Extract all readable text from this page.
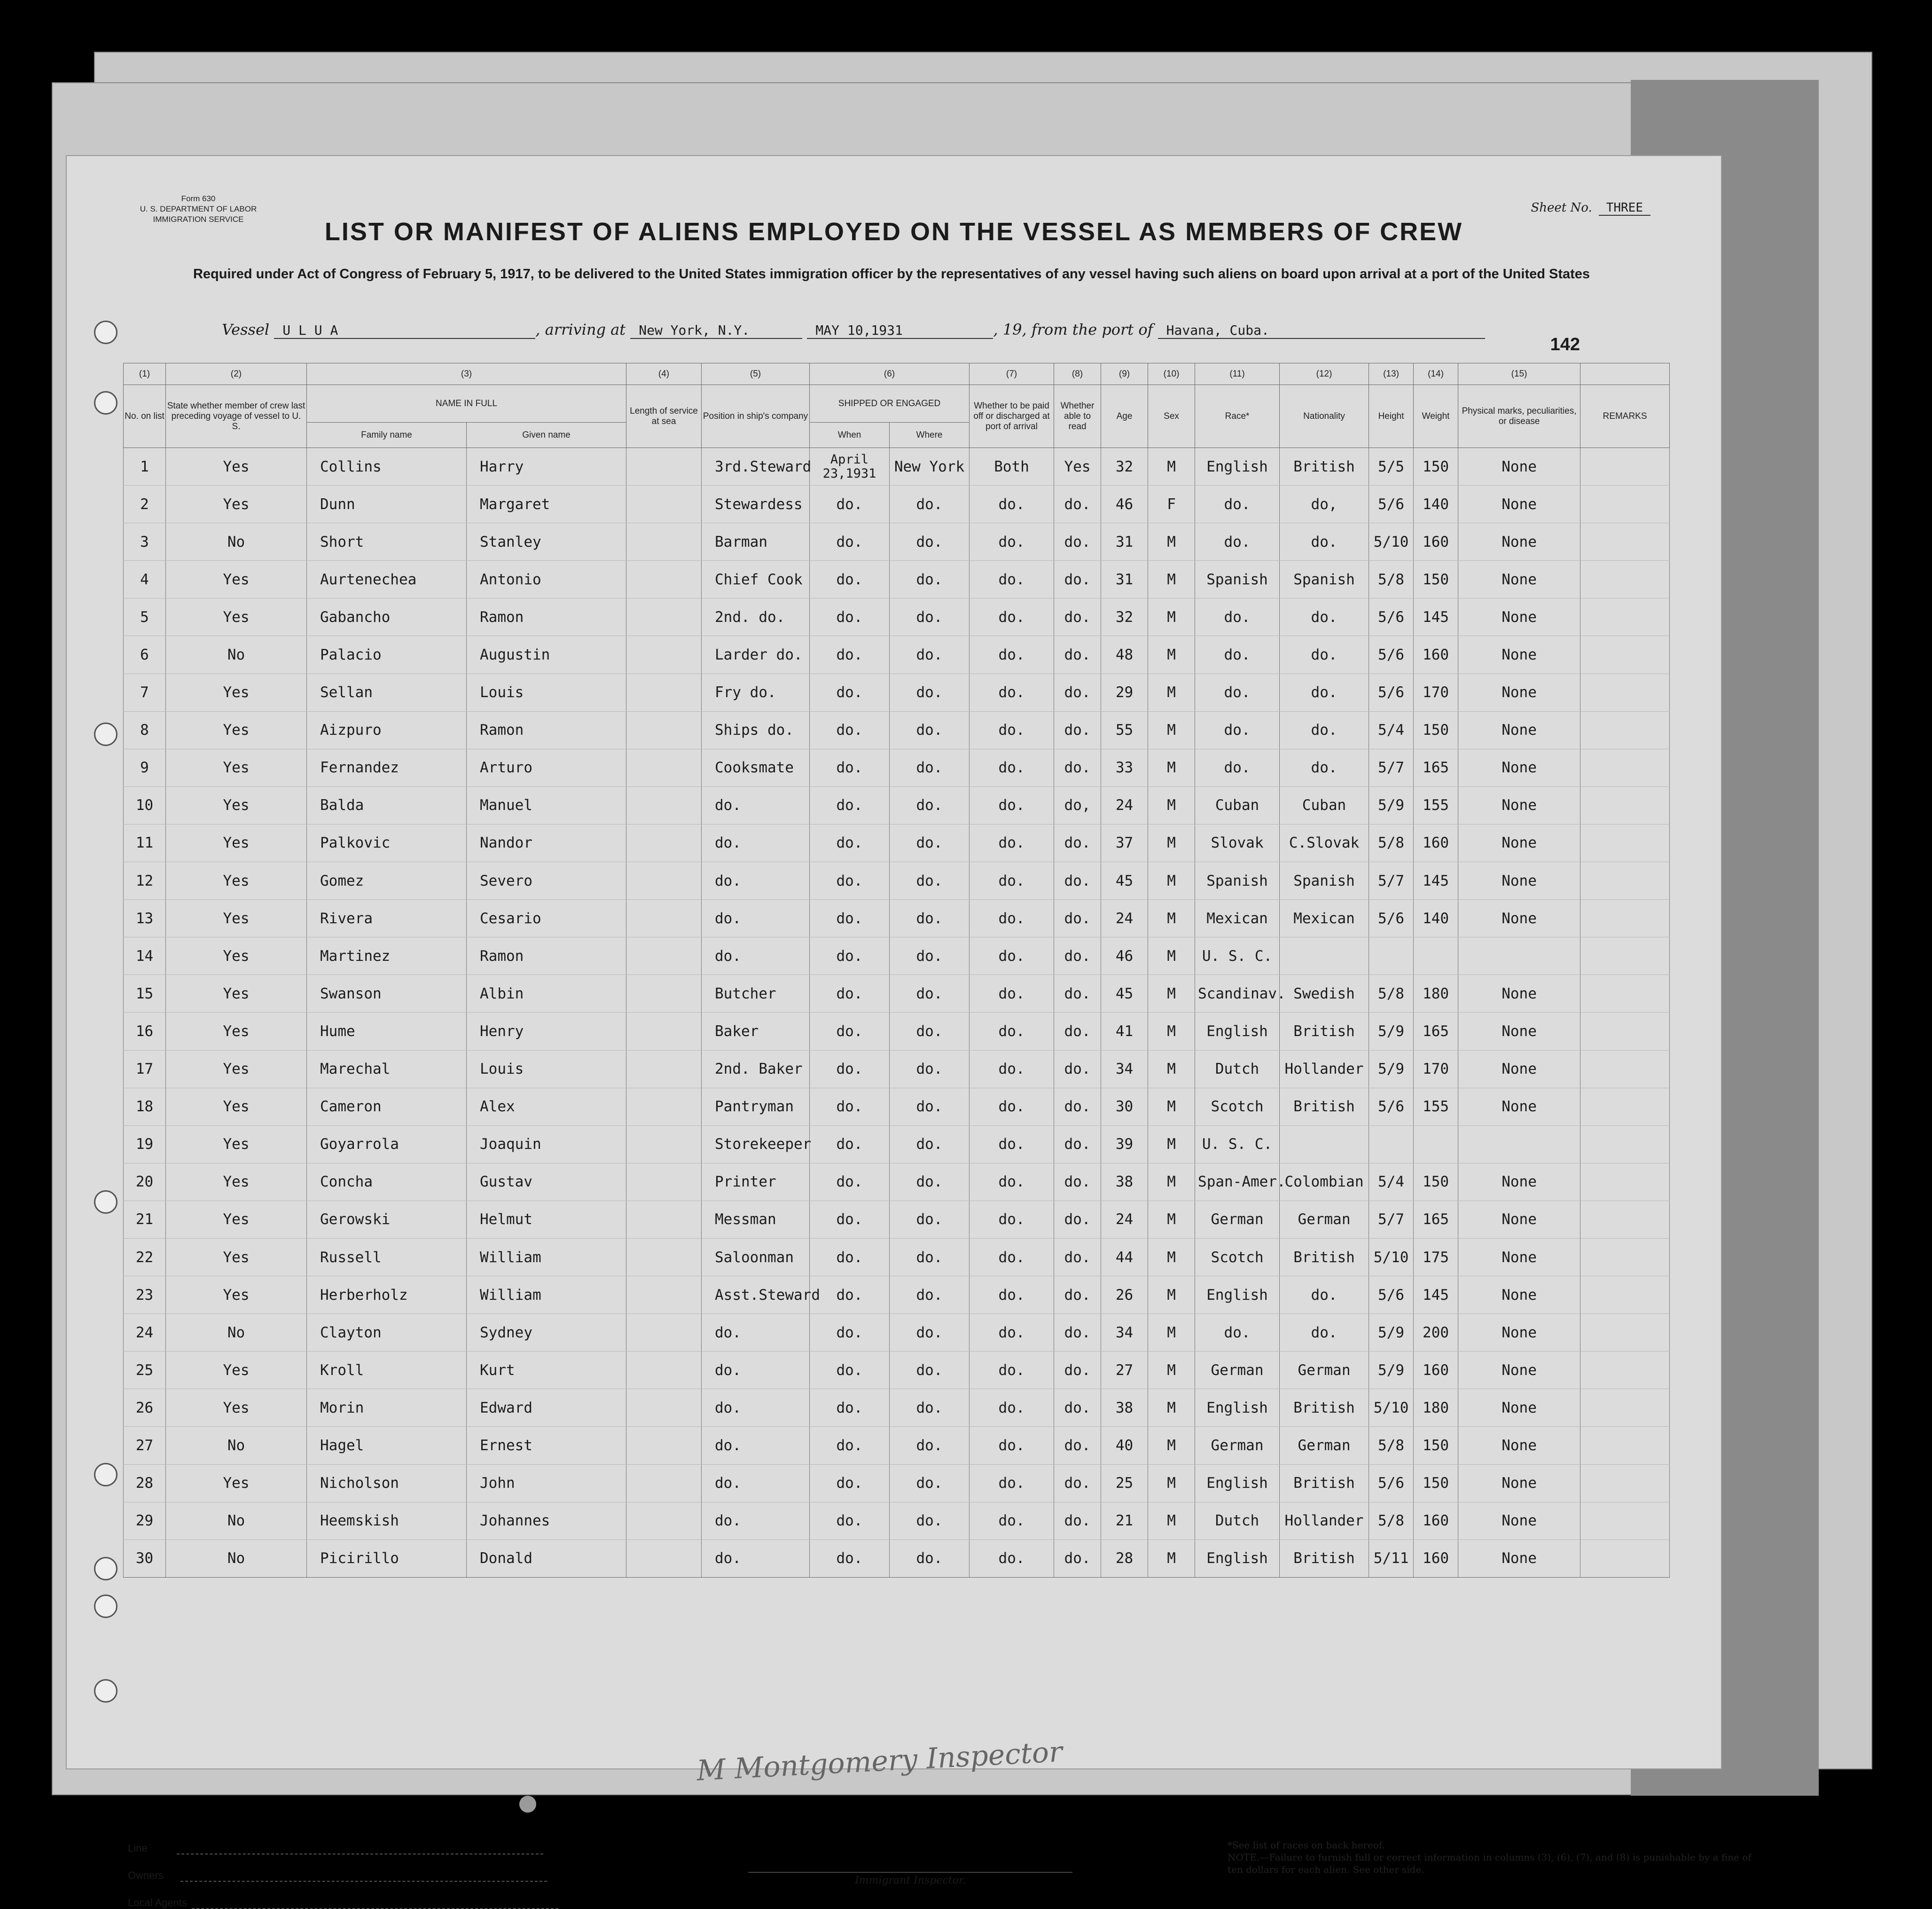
Form 630
U. S. DEPARTMENT OF LABOR
IMMIGRATION SERVICE
Sheet No. THREE
LIST OR MANIFEST OF ALIENS EMPLOYED ON THE VESSEL AS MEMBERS OF CREW
Required under Act of Congress of February 5, 1917, to be delivered to the United States immigration officer by the representatives of any vessel having such aliens on board upon arrival at a port of the United States
Vessel U L U A	, arriving at New York, N.Y.	MAY 10,1931	, 19, from the port of Havana, Cuba.
142
(1)	(2)	(3)		(4)	(5)	(6)		(7)	(8)	(9)	(10)	(11)	(12)	(13)	(14)	(15)	
No. on list	State whether member of crew last preceding voyage of vessel to U. S.	NAME IN FULL		Length of service at sea	Position in ship's company	SHIPPED OR ENGAGED		Whether to be paid off or discharged at port of arrival	Whether able to read	Age	Sex	Race*	Nationality	Height	Weight	Physical marks, peculiarities, or disease	REMARKS
		Family name	Given name			When	Where										
1	Yes	Collins	Harry		3rd.Steward	April 23,1931	New York	Both	Yes	32	M	English	British	5/5	150	None	
2	Yes	Dunn	Margaret		Stewardess	do.	do.	do.	do.	46	F	do.	do,	5/6	140	None	
3	No	Short	Stanley		Barman	do.	do.	do.	do.	31	M	do.	do.	5/10	160	None	
4	Yes	Aurtenechea	Antonio		Chief Cook	do.	do.	do.	do.	31	M	Spanish	Spanish	5/8	150	None	
5	Yes	Gabancho	Ramon		2nd. do.	do.	do.	do.	do.	32	M	do.	do.	5/6	145	None	
6	No	Palacio	Augustin		Larder do.	do.	do.	do.	do.	48	M	do.	do.	5/6	160	None	
7	Yes	Sellan	Louis		Fry do.	do.	do.	do.	do.	29	M	do.	do.	5/6	170	None	
8	Yes	Aizpuro	Ramon		Ships do.	do.	do.	do.	do.	55	M	do.	do.	5/4	150	None	
9	Yes	Fernandez	Arturo		Cooksmate	do.	do.	do.	do.	33	M	do.	do.	5/7	165	None	
10	Yes	Balda	Manuel		do.	do.	do.	do.	do,	24	M	Cuban	Cuban	5/9	155	None	
11	Yes	Palkovic	Nandor		do.	do.	do.	do.	do.	37	M	Slovak	C.Slovak	5/8	160	None	
12	Yes	Gomez	Severo		do.	do.	do.	do.	do.	45	M	Spanish	Spanish	5/7	145	None	
13	Yes	Rivera	Cesario		do.	do.	do.	do.	do.	24	M	Mexican	Mexican	5/6	140	None	
14	Yes	Martinez	Ramon		do.	do.	do.	do.	do.	46	M	U. S. C.					
15	Yes	Swanson	Albin		Butcher	do.	do.	do.	do.	45	M	Scandinav.	Swedish	5/8	180	None	
16	Yes	Hume	Henry		Baker	do.	do.	do.	do.	41	M	English	British	5/9	165	None	
17	Yes	Marechal	Louis		2nd. Baker	do.	do.	do.	do.	34	M	Dutch	Hollander	5/9	170	None	
18	Yes	Cameron	Alex		Pantryman	do.	do.	do.	do.	30	M	Scotch	British	5/6	155	None	
19	Yes	Goyarrola	Joaquin		Storekeeper	do.	do.	do.	do.	39	M	U. S. C.					
20	Yes	Concha	Gustav		Printer	do.	do.	do.	do.	38	M	Span-Amer.	Colombian	5/4	150	None	
21	Yes	Gerowski	Helmut		Messman	do.	do.	do.	do.	24	M	German	German	5/7	165	None	
22	Yes	Russell	William		Saloonman	do.	do.	do.	do.	44	M	Scotch	British	5/10	175	None	
23	Yes	Herberholz	William		Asst.Steward	do.	do.	do.	do.	26	M	English	do.	5/6	145	None	
24	No	Clayton	Sydney		do.	do.	do.	do.	do.	34	M	do.	do.	5/9	200	None	
25	Yes	Kroll	Kurt		do.	do.	do.	do.	do.	27	M	German	German	5/9	160	None	
26	Yes	Morin	Edward		do.	do.	do.	do.	do.	38	M	English	British	5/10	180	None	
27	No	Hagel	Ernest		do.	do.	do.	do.	do.	40	M	German	German	5/8	150	None	
28	Yes	Nicholson	John		do.	do.	do.	do.	do.	25	M	English	British	5/6	150	None	
29	No	Heemskish	Johannes		do.	do.	do.	do.	do.	21	M	Dutch	Hollander	5/8	160	None	
30	No	Picirillo	Donald		do.	do.	do.	do.	do.	28	M	English	British	5/11	160	None	
M Montgomery Inspector
Line
Owners
Local Agents
Immigrant Inspector.
*See list of races on back hereof.
NOTE.—Failure to furnish full or correct information in columns (3), (6), (7), and (8) is punishable by a fine of ten dollars for each alien. See other side.
